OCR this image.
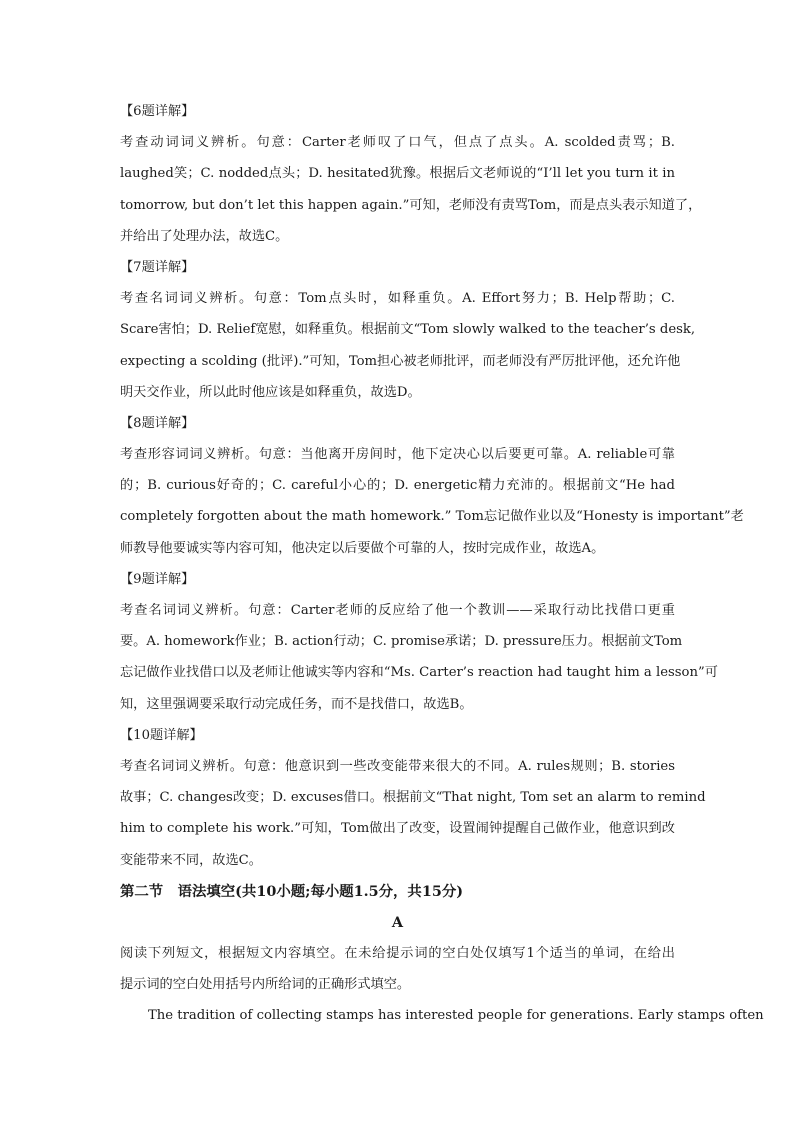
【6题详解】
考查动词词义辨析。句意：Carter老师叹了口气，但点了点头。A. scolded责骂；B.
laughed笑；C. nodded点头；D. hesitated犹豫。根据后文老师说的“I’ll let you turn it in
tomorrow, but don’t let this happen again.”可知，老师没有责骂Tom，而是点头表示知道了，
并给出了处理办法，故选C。
【7题详解】
考查名词词义辨析。句意：Tom点头时，如释重负。A. Effort努力；B. Help帮助；C.
Scare害怕；D. Relief宽慰，如释重负。根据前文“Tom slowly walked to the teacher’s desk,
expecting a scolding (批评).”可知，Tom担心被老师批评，而老师没有严厉批评他，还允许他
明天交作业，所以此时他应该是如释重负，故选D。
【8题详解】
考查形容词词义辨析。句意：当他离开房间时，他下定决心以后要更可靠。A. reliable可靠
的；B. curious好奇的；C. careful小心的；D. energetic精力充沛的。根据前文“He had
completely forgotten about the math homework.” Tom忘记做作业以及“Honesty is important”老
师教导他要诚实等内容可知，他决定以后要做个可靠的人，按时完成作业，故选A。
【9题详解】
考查名词词义辨析。句意：Carter老师的反应给了他一个教训——采取行动比找借口更重
要。A. homework作业；B. action行动；C. promise承诺；D. pressure压力。根据前文Tom
忘记做作业找借口以及老师让他诚实等内容和“Ms. Carter’s reaction had taught him a lesson”可
知，这里强调要采取行动完成任务，而不是找借口，故选B。
【10题详解】
考查名词词义辨析。句意：他意识到一些改变能带来很大的不同。A. rules规则；B. stories
故事；C. changes改变；D. excuses借口。根据前文“That night, Tom set an alarm to remind
him to complete his work.”可知，Tom做出了改变，设置闹钟提醒自己做作业，他意识到改
变能带来不同，故选C。
第二节　语法填空(共10小题;每小题1.5分，共15分)
A
阅读下列短文，根据短文内容填空。在未给提示词的空白处仅填写1个适当的单词，在给出
提示词的空白处用括号内所给词的正确形式填空。
The tradition of collecting stamps has interested people for generations. Early stamps often
